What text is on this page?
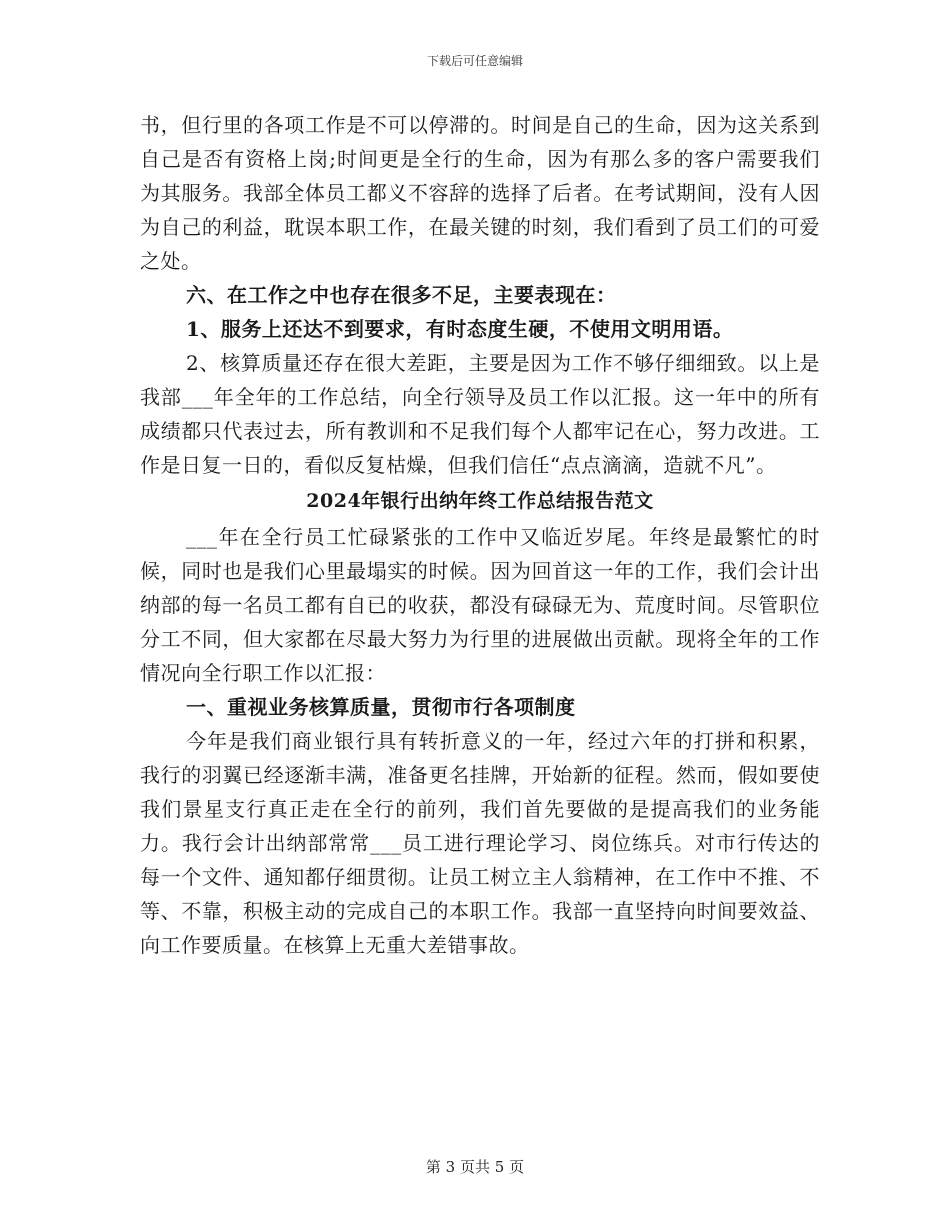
下载后可任意编辑

书，但行里的各项工作是不可以停滞的。时间是自己的生命，因为这关系到自己是否有资格上岗;时间更是全行的生命，因为有那么多的客户需要我们为其服务。我部全体员工都义不容辞的选择了后者。在考试期间，没有人因为自己的利益，耽误本职工作，在最关键的时刻，我们看到了员工们的可爱之处。

六、在工作之中也存在很多不足，主要表现在：

1、服务上还达不到要求，有时态度生硬，不使用文明用语。

2、核算质量还存在很大差距，主要是因为工作不够仔细细致。以上是我部___年全年的工作总结，向全行领导及员工作以汇报。这一年中的所有成绩都只代表过去，所有教训和不足我们每个人都牢记在心，努力改进。工作是日复一日的，看似反复枯燥，但我们信任“点点滴滴，造就不凡”。

2024年银行出纳年终工作总结报告范文

___年在全行员工忙碌紧张的工作中又临近岁尾。年终是最繁忙的时候，同时也是我们心里最塌实的时候。因为回首这一年的工作，我们会计出纳部的每一名员工都有自已的收获，都没有碌碌无为、荒度时间。尽管职位分工不同，但大家都在尽最大努力为行里的进展做出贡献。现将全年的工作情况向全行职工作以汇报：

一、重视业务核算质量，贯彻市行各项制度

今年是我们商业银行具有转折意义的一年，经过六年的打拼和积累，我行的羽翼已经逐渐丰满，准备更名挂牌，开始新的征程。然而，假如要使我们景星支行真正走在全行的前列，我们首先要做的是提高我们的业务能力。我行会计出纳部常常___员工进行理论学习、岗位练兵。对市行传达的每一个文件、通知都仔细贯彻。让员工树立主人翁精神，在工作中不推、不等、不靠，积极主动的完成自己的本职工作。我部一直坚持向时间要效益、向工作要质量。在核算上无重大差错事故。

第 3 页共 5 页
